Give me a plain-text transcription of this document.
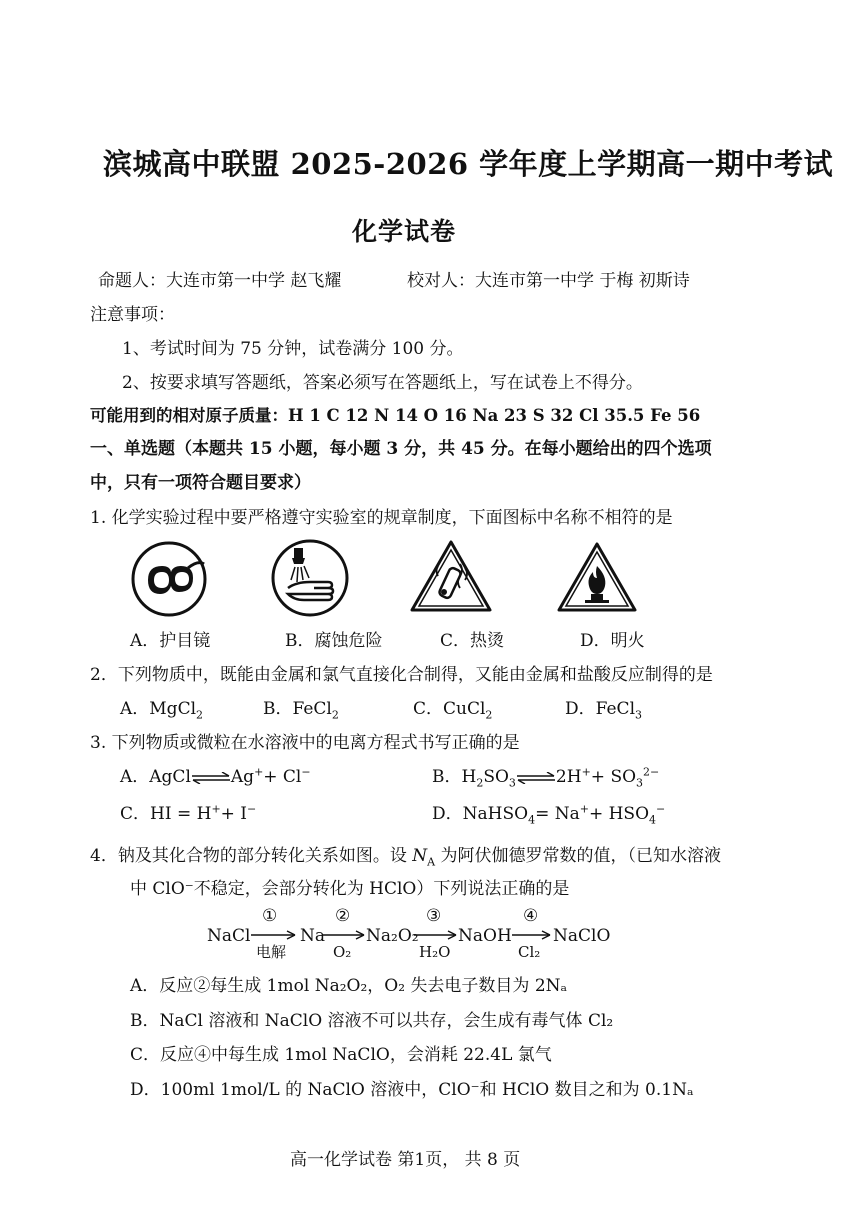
滨城高中联盟 2025-2026 学年度上学期高一期中考试
化学试卷
命题人：大连市第一中学 赵飞耀	校对人：大连市第一中学 于梅 初斯诗
注意事项：
1、考试时间为 75 分钟，试卷满分 100 分。
2、按要求填写答题纸，答案必须写在答题纸上，写在试卷上不得分。
可能用到的相对原子质量：H 1 C 12 N 14 O 16 Na 23 S 32 Cl 35.5 Fe 56
一、单选题（本题共 15 小题，每小题 3 分，共 45 分。在每小题给出的四个选项
中，只有一项符合题目要求）
1. 化学实验过程中要严格遵守实验室的规章制度，下面图标中名称不相符的是
A．护目镜	B．腐蚀危险	C．热烫	D．明火
2．下列物质中，既能由金属和氯气直接化合制得，又能由金属和盐酸反应制得的是
A．MgCl$_2$	B．FeCl$_2$	C．CuCl$_2$	D．FeCl$_3$
3. 下列物质或微粒在水溶液中的电离方程式书写正确的是
A．AgCl⇌Ag++ Cl−	B．$H_2SO_3\rightleftharpoons 2H^++ SO_3^{2-}$
C．HI = H++ I−	D．NaHSO$_4$= $Na^++ HSO_4^-$
4．钠及其化合物的部分转化关系如图。设 $N_A$ 为阿伏伽德罗常数的值，（已知水溶液
中 ClO⁻不稳定，会部分转化为 HClO）下列说法正确的是
NaCl
①
电解
Na
②
O₂
Na₂O₂
③
H₂O
NaOH
④
Cl₂
NaClO
A．反应②每生成 1mol Na₂O₂，O₂ 失去电子数目为 2Nₐ
B．NaCl 溶液和 NaClO 溶液不可以共存，会生成有毒气体 Cl₂
C．反应④中每生成 1mol NaClO，会消耗 22.4L 氯气
D．100ml 1mol/L 的 NaClO 溶液中，ClO⁻和 HClO 数目之和为 0.1Nₐ
高一化学试卷 第1页， 共 8 页
